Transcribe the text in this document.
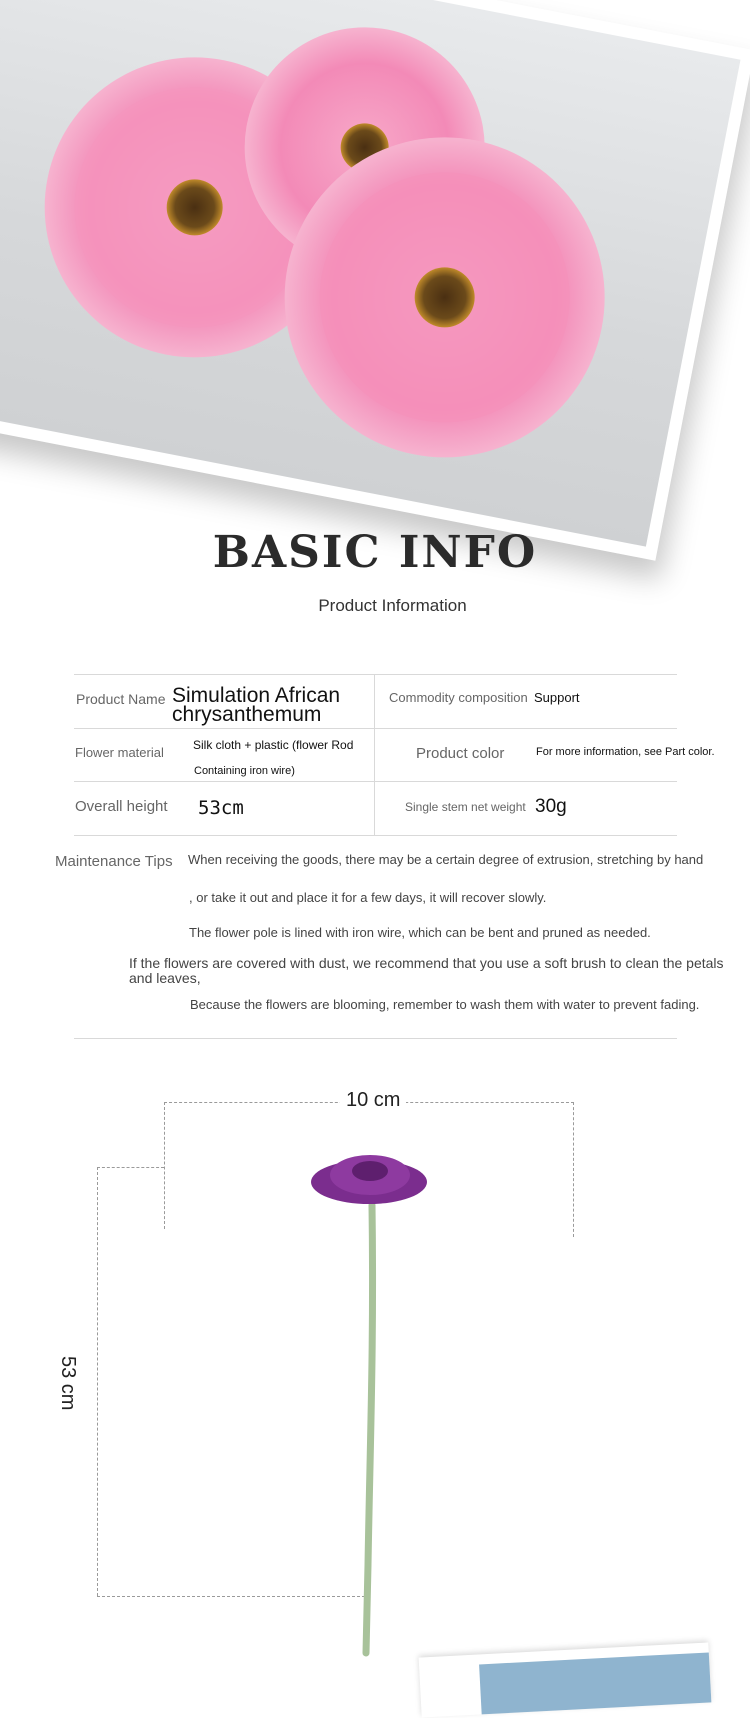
BASIC INFO
Product Information
Product Name Simulation African
chrysanthemum
Commodity composition Support
Flower material Silk cloth + plastic (flower Rod
Containing iron wire)
Product color	For more information, see Part color.
Overall height 53cm	Single stem net weight 30g
Maintenance Tips When receiving the goods, there may be a certain degree of extrusion, stretching by hand
, or take it out and place it for a few days, it will recover slowly.
The flower pole is lined with iron wire, which can be bent and pruned as needed.
If the flowers are covered with dust, we recommend that you use a soft brush to clean the petals and leaves,
Because the flowers are blooming, remember to wash them with water to prevent fading.
10 cm
53 cm
